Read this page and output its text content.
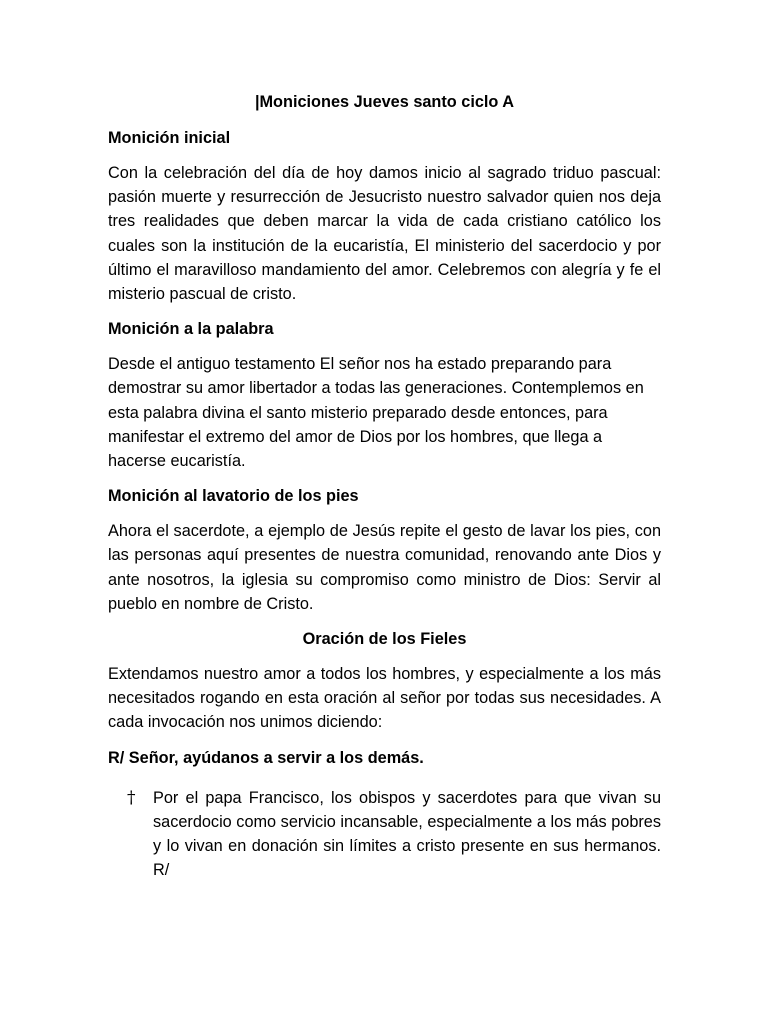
|Moniciones Jueves santo ciclo A
Monición inicial

Con la celebración del día de hoy damos inicio al sagrado triduo pascual: pasión muerte y resurrección de Jesucristo nuestro salvador quien nos deja tres realidades que deben marcar la vida de cada cristiano católico los cuales son la institución de la eucaristía, El ministerio del sacerdocio y por último el maravilloso mandamiento del amor. Celebremos con alegría y fe el misterio pascual de cristo.

Monición a la palabra

Desde el antiguo testamento El señor nos ha estado preparando para demostrar su amor libertador a todas las generaciones. Contemplemos en esta palabra divina el santo misterio preparado desde entonces, para manifestar el extremo del amor de Dios por los hombres, que llega a hacerse eucaristía.

Monición al lavatorio de los pies

Ahora el sacerdote, a ejemplo de Jesús repite el gesto de lavar los pies, con las personas aquí presentes de nuestra comunidad, renovando ante Dios y ante nosotros, la iglesia su compromiso como ministro de Dios: Servir al pueblo en nombre de Cristo.

Oración de los Fieles

Extendamos nuestro amor a todos los hombres, y especialmente a los más necesitados rogando en esta oración al señor por todas sus necesidades. A cada invocación nos unimos diciendo:

R/ Señor, ayúdanos a servir a los demás.
†	Por el papa Francisco, los obispos y sacerdotes para que vivan su sacerdocio como servicio incansable, especialmente a los más pobres y lo vivan en donación sin límites a cristo presente en sus hermanos. R/
